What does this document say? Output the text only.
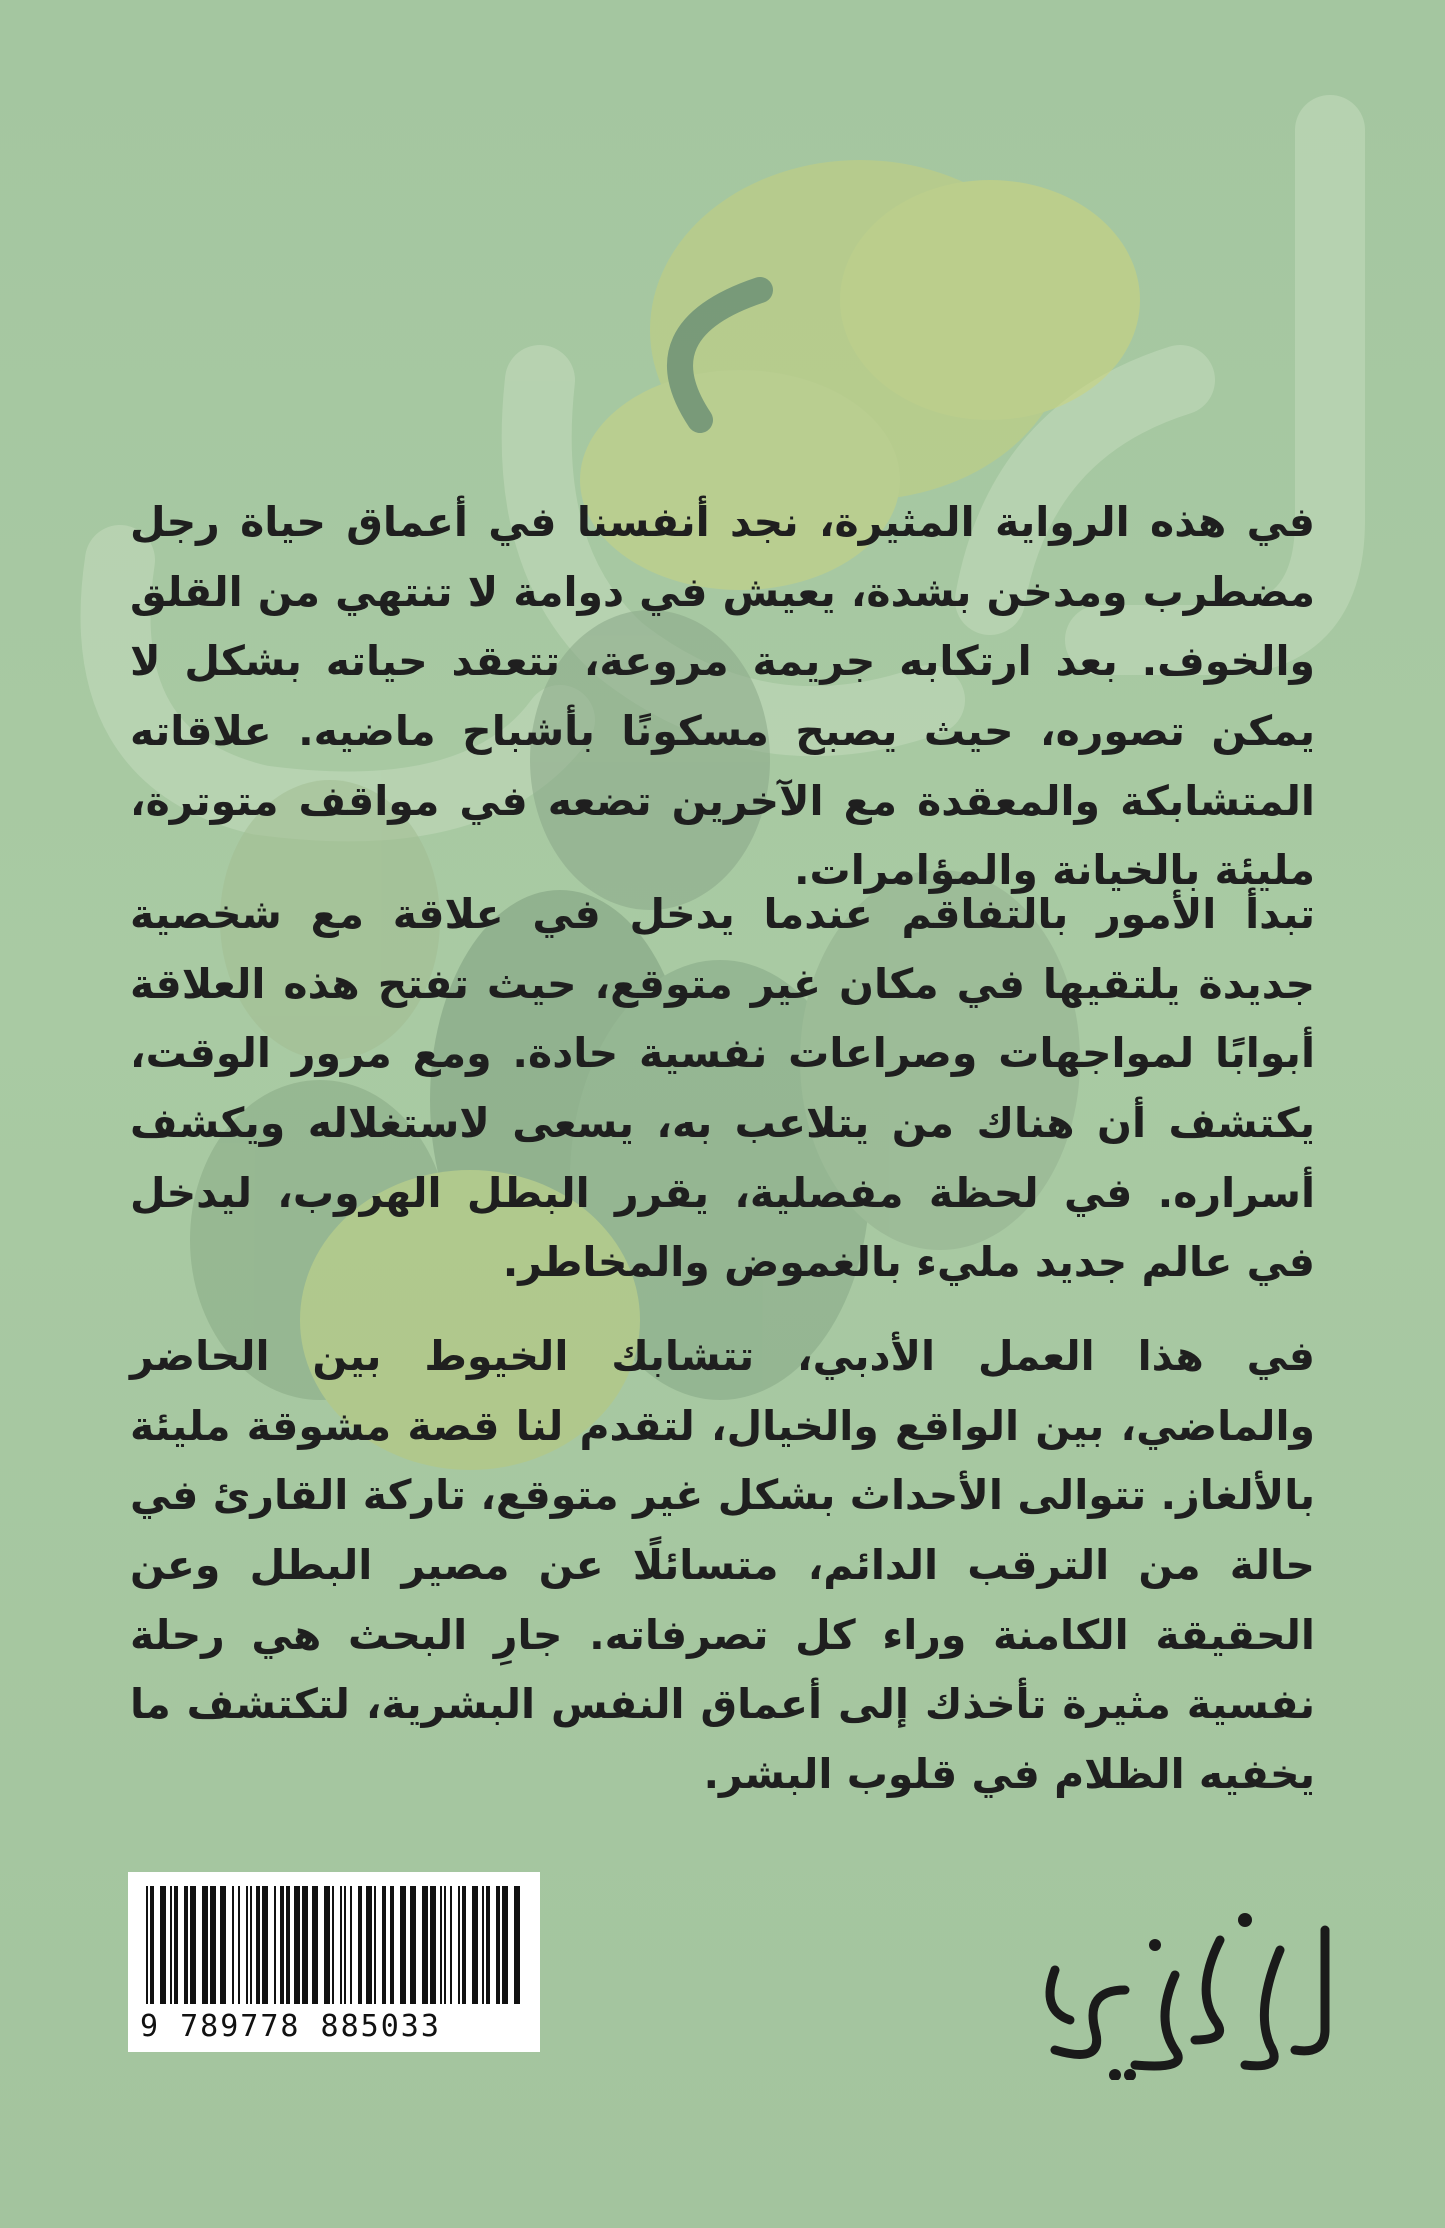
في هذه الرواية المثيرة، نجد أنفسنا في أعماق حياة رجل مضطرب ومدخن بشدة، يعيش في دوامة لا تنتهي من القلق والخوف. بعد ارتكابه جريمة مروعة، تتعقد حياته بشكل لا يمكن تصوره، حيث يصبح مسكونًا بأشباح ماضيه. علاقاته المتشابكة والمعقدة مع الآخرين تضعه في مواقف متوترة، مليئة بالخيانة والمؤامرات.

تبدأ الأمور بالتفاقم عندما يدخل في علاقة مع شخصية جديدة يلتقيها في مكان غير متوقع، حيث تفتح هذه العلاقة أبوابًا لمواجهات وصراعات نفسية حادة. ومع مرور الوقت، يكتشف أن هناك من يتلاعب به، يسعى لاستغلاله ويكشف أسراره. في لحظة مفصلية، يقرر البطل الهروب، ليدخل في عالم جديد مليء بالغموض والمخاطر.

في هذا العمل الأدبي، تتشابك الخيوط بين الحاضر والماضي، بين الواقع والخيال، لتقدم لنا قصة مشوقة مليئة بالألغاز. تتوالى الأحداث بشكل غير متوقع، تاركة القارئ في حالة من الترقب الدائم، متسائلًا عن مصير البطل وعن الحقيقة الكامنة وراء كل تصرفاته. جارِ البحث هي رحلة نفسية مثيرة تأخذك إلى أعماق النفس البشرية، لتكتشف ما يخفيه الظلام في قلوب البشر.

9 789778 885033
